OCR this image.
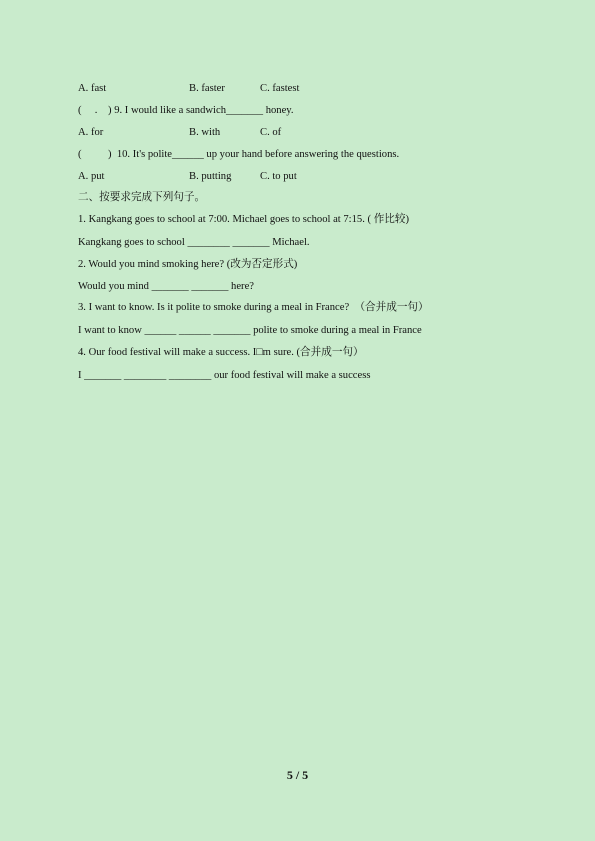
A. fast

	B. faster

	C. fastest

(     .    ) 9. I would like a sandwich_______ honey.

A. for

	B. with

	C. of

(          )  10. It's polite______ up your hand before answering the questions.

A. put

	B. putting

	C. to put

二、按要求完成下列句子。
1. Kangkang goes to school at 7:00. Michael goes to school at 7:15. ( 作比较)
Kangkang goes to school ________ _______ Michael.
2. Would you mind smoking here? (改为否定形式)
Would you mind _______ _______ here?
3. I want to know. Is it polite to smoke during a meal in France?  （合并成一句）
I want to know ______ ______ _______ polite to smoke during a meal in France
4. Our food festival will make a success. I□m sure. (合并成一句）
I _______ ________ ________ our food festival will make a success
5 / 5
